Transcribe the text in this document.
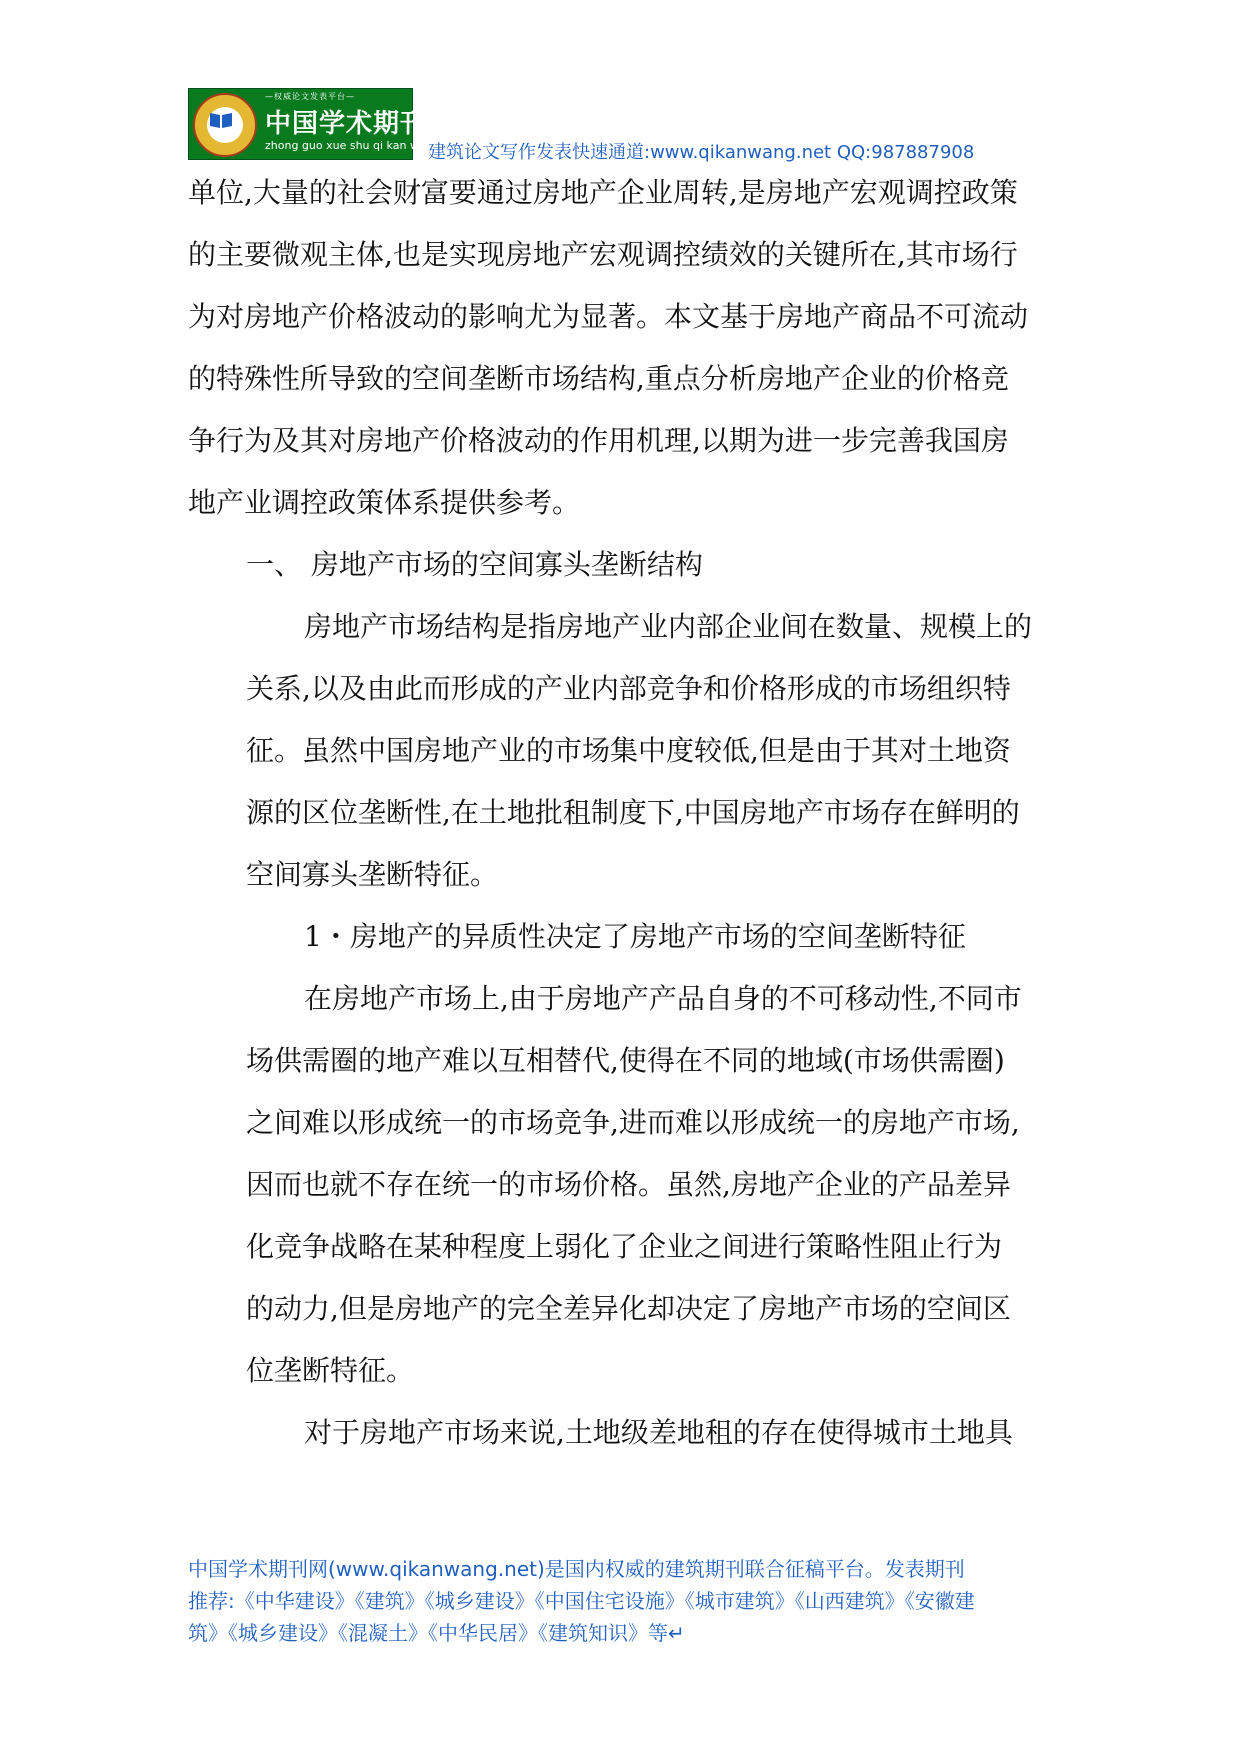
—权威论文发表平台—
中国学术期刊网
zhong guo xue shu qi kan wang
建筑论文写作发表快速通道:www.qikanwang.net QQ:987887908
单位,大量的社会财富要通过房地产企业周转,是房地产宏观调控政策
的主要微观主体,也是实现房地产宏观调控绩效的关键所在,其市场行
为对房地产价格波动的影响尤为显著。本文基于房地产商品不可流动
的特殊性所导致的空间垄断市场结构,重点分析房地产企业的价格竞
争行为及其对房地产价格波动的作用机理,以期为进一步完善我国房
地产业调控政策体系提供参考。
一、 房地产市场的空间寡头垄断结构
房地产市场结构是指房地产业内部企业间在数量、规模上的
关系,以及由此而形成的产业内部竞争和价格形成的市场组织特
征。虽然中国房地产业的市场集中度较低,但是由于其对土地资
源的区位垄断性,在土地批租制度下,中国房地产市场存在鲜明的
空间寡头垄断特征。
1・房地产的异质性决定了房地产市场的空间垄断特征
在房地产市场上,由于房地产产品自身的不可移动性,不同市
场供需圈的地产难以互相替代,使得在不同的地域(市场供需圈)
之间难以形成统一的市场竞争,进而难以形成统一的房地产市场,
因而也就不存在统一的市场价格。虽然,房地产企业的产品差异
化竞争战略在某种程度上弱化了企业之间进行策略性阻止行为
的动力,但是房地产的完全差异化却决定了房地产市场的空间区
位垄断特征。
对于房地产市场来说,土地级差地租的存在使得城市土地具
中国学术期刊网(www.qikanwang.net)是国内权威的建筑期刊联合征稿平台。发表期刊
推荐:《中华建设》《建筑》《城乡建设》《中国住宅设施》《城市建筑》《山西建筑》《安徽建
筑》《城乡建设》《混凝土》《中华民居》《建筑知识》等↵
